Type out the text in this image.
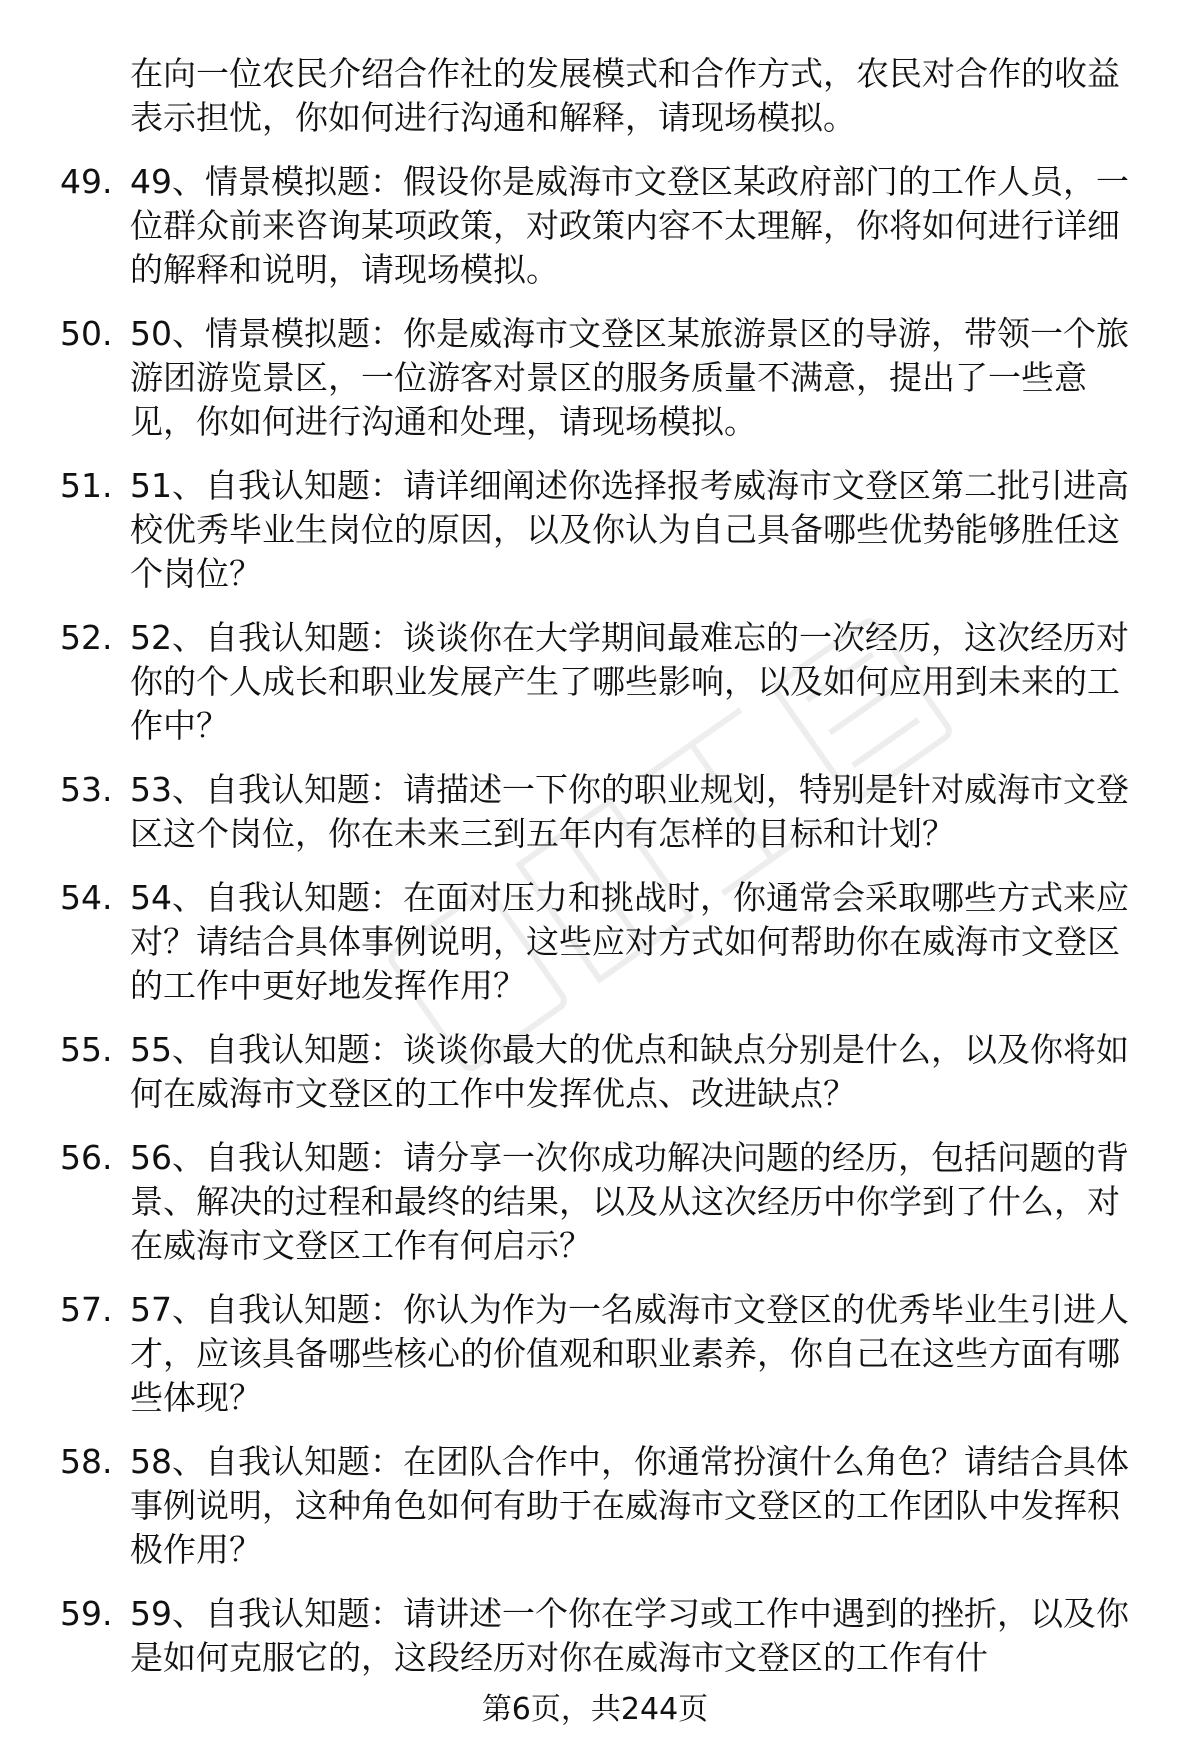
在向一位农民介绍合作社的发展模式和合作方式，农民对合作的收益表示担忧，你如何进行沟通和解释，请现场模拟。
49. 49、情景模拟题：假设你是威海市文登区某政府部门的工作人员，一位群众前来咨询某项政策，对政策内容不太理解，你将如何进行详细的解释和说明，请现场模拟。
50. 50、情景模拟题：你是威海市文登区某旅游景区的导游，带领一个旅游团游览景区，一位游客对景区的服务质量不满意，提出了一些意见，你如何进行沟通和处理，请现场模拟。
51. 51、自我认知题：请详细阐述你选择报考威海市文登区第二批引进高校优秀毕业生岗位的原因，以及你认为自己具备哪些优势能够胜任这个岗位？
52. 52、自我认知题：谈谈你在大学期间最难忘的一次经历，这次经历对你的个人成长和职业发展产生了哪些影响，以及如何应用到未来的工作中？
53. 53、自我认知题：请描述一下你的职业规划，特别是针对威海市文登区这个岗位，你在未来三到五年内有怎样的目标和计划？
54. 54、自我认知题：在面对压力和挑战时，你通常会采取哪些方式来应对？请结合具体事例说明，这些应对方式如何帮助你在威海市文登区的工作中更好地发挥作用？
55. 55、自我认知题：谈谈你最大的优点和缺点分别是什么，以及你将如何在威海市文登区的工作中发挥优点、改进缺点？
56. 56、自我认知题：请分享一次你成功解决问题的经历，包括问题的背景、解决的过程和最终的结果，以及从这次经历中你学到了什么，对在威海市文登区工作有何启示？
57. 57、自我认知题：你认为作为一名威海市文登区的优秀毕业生引进人才，应该具备哪些核心的价值观和职业素养，你自己在这些方面有哪些体现？
58. 58、自我认知题：在团队合作中，你通常扮演什么角色？请结合具体事例说明，这种角色如何有助于在威海市文登区的工作团队中发挥积极作用？
59. 59、自我认知题：请讲述一个你在学习或工作中遇到的挫折，以及你是如何克服它的，这段经历对你在威海市文登区的工作有什
第6页，共244页
